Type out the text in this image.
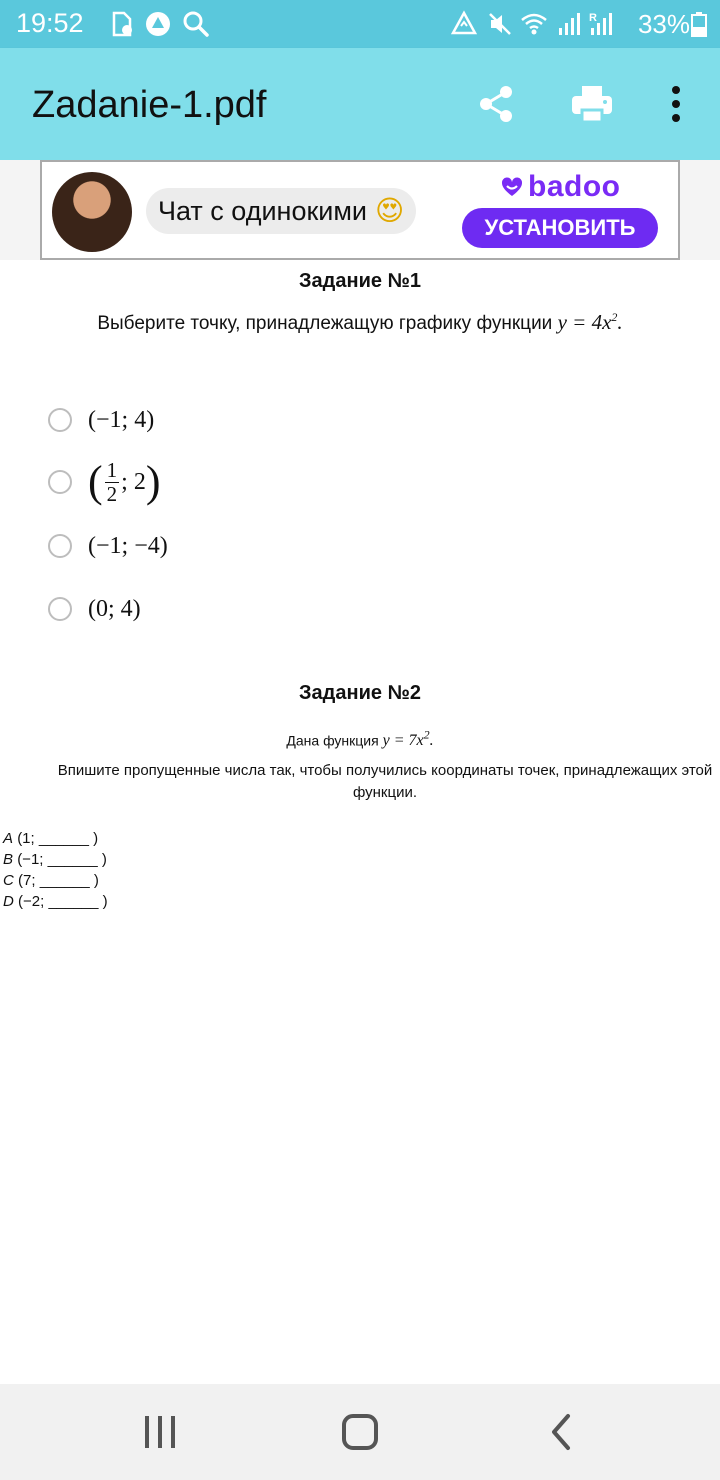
19:52	R 33%
Zadanie-1.pdf
Чат с одинокими 😍
badoo
УСТАНОВИТЬ
Задание №1
Выберите точку, принадлежащую графику функции $y = 4x^2$.
(−1; 4)
( $\frac{1}{2}$ ; 2 )
(−1; −4)
(0; 4)
Задание №2
Дана функция $y = 7x^2$.
Впишите пропущенные числа так, чтобы получились координаты точек, принадлежащих этой функции.
A (1; ______ )
B (−1; ______ )
C (7; ______ )
D (−2; ______ )
